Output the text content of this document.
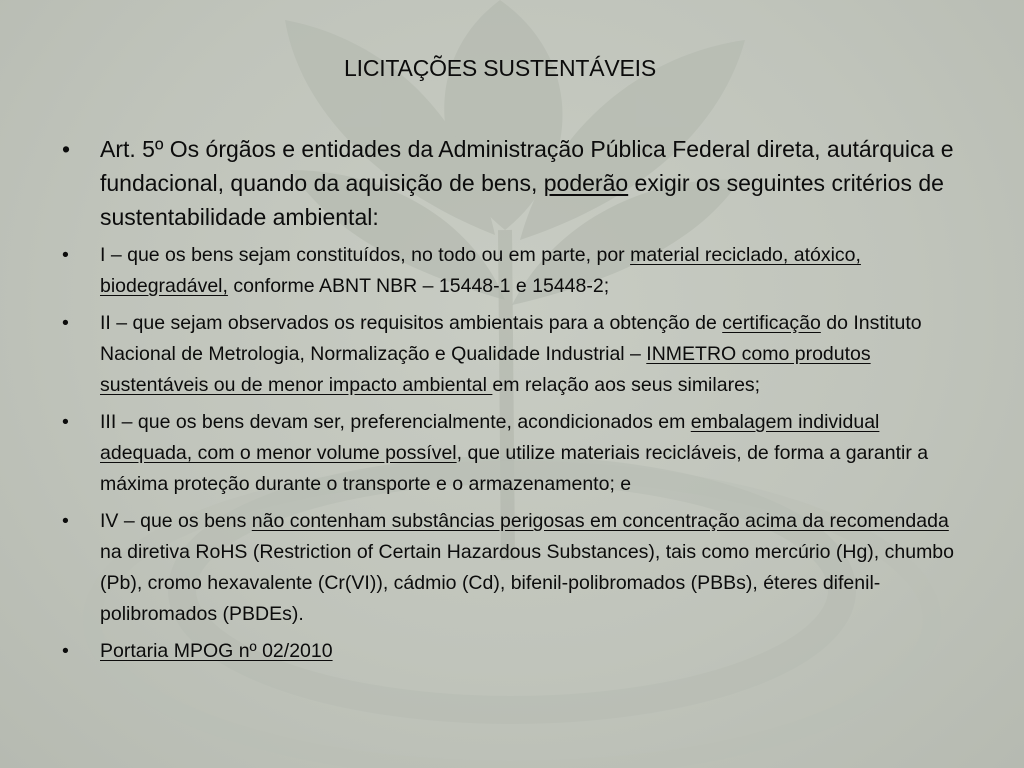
LICITAÇÕES SUSTENTÁVEIS
• Art. 5º Os órgãos e entidades da Administração Pública Federal direta, autárquica e fundacional, quando da aquisição de bens, poderão exigir os seguintes critérios de sustentabilidade ambiental:
• I – que os bens sejam constituídos, no todo ou em parte, por material reciclado, atóxico, biodegradável, conforme ABNT NBR – 15448-1 e 15448-2;
• II – que sejam observados os requisitos ambientais para a obtenção de certificação do Instituto Nacional de Metrologia, Normalização e Qualidade Industrial – INMETRO como produtos sustentáveis ou de menor impacto ambiental em relação aos seus similares;
• III – que os bens devam ser, preferencialmente, acondicionados em embalagem individual adequada, com o menor volume possível, que utilize materiais recicláveis, de forma a garantir a máxima proteção durante o transporte e o armazenamento; e
• IV – que os bens não contenham substâncias perigosas em concentração acima da recomendada na diretiva RoHS (Restriction of Certain Hazardous Substances), tais como mercúrio (Hg), chumbo (Pb), cromo hexavalente (Cr(VI)), cádmio (Cd), bifenil-polibromados (PBBs), éteres difenil-polibromados (PBDEs).
• Portaria MPOG nº 02/2010
